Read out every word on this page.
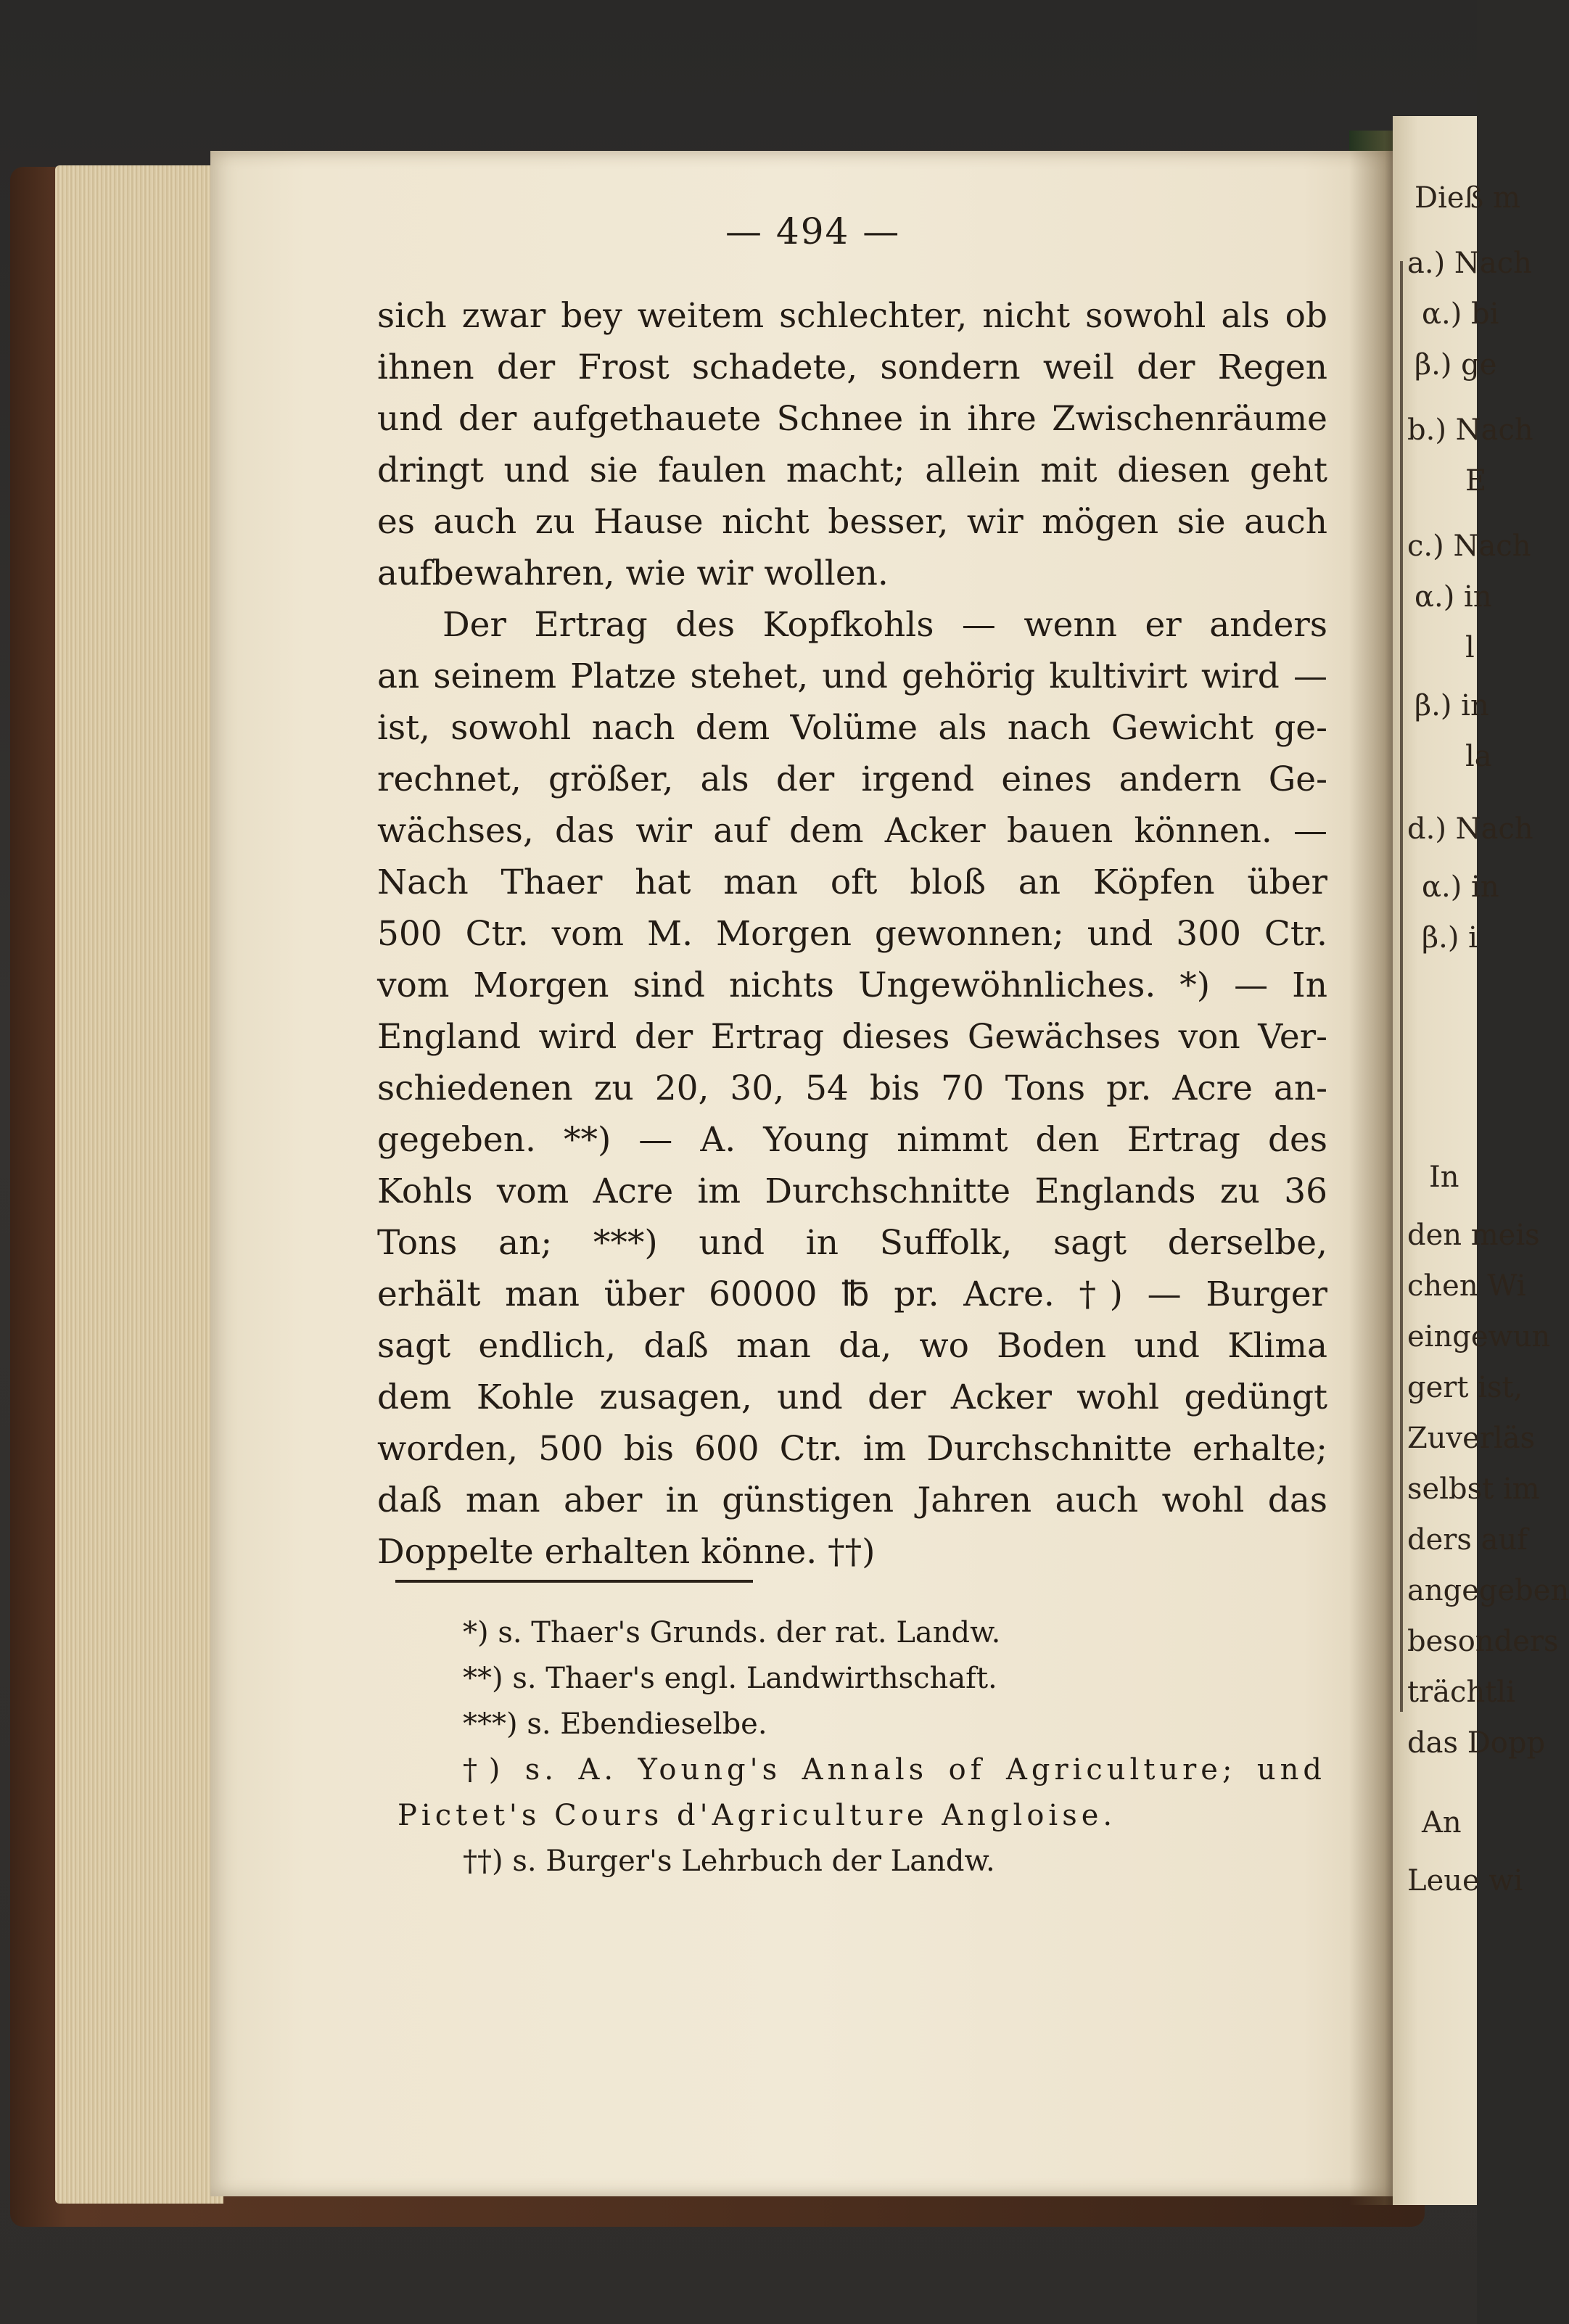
Dieß m
a.) Nach
α.) bi
β.) ge
b.) Nach
E
c.) Nach
α.) in
l
β.) in
la
d.) Nach
α.) in
β.) i
In
den meis
chen Wi
eingewun
gert ist,
Zuverläs
selbst im
ders auf
angegeben
besonders
trächtli
das Dopp
An
Leue wi
— 494 —
sich zwar bey weitem schlechter, nicht sowohl als ob
ihnen der Frost schadete, sondern weil der Regen
und der aufgethauete Schnee in ihre Zwischenräume
dringt und sie faulen macht; allein mit diesen geht
es auch zu Hause nicht besser, wir mögen sie auch
aufbewahren, wie wir wollen.
Der Ertrag des Kopfkohls — wenn er anders
an seinem Platze stehet, und gehörig kultivirt wird —
ist, sowohl nach dem Volüme als nach Gewicht ge-
rechnet, größer, als der irgend eines andern Ge-
wächses, das wir auf dem Acker bauen können. —
Nach Thaer hat man oft bloß an Köpfen über
500 Ctr. vom M. Morgen gewonnen; und 300 Ctr.
vom Morgen sind nichts Ungewöhnliches. *) — In
England wird der Ertrag dieses Gewächses von Ver-
schiedenen zu 20, 30, 54 bis 70 Tons pr. Acre an-
gegeben. **) — A. Young nimmt den Ertrag des
Kohls vom Acre im Durchschnitte Englands zu 36
Tons an; ***) und in Suffolk, sagt derselbe,
erhält man über 60000 ℔ pr. Acre. †) — Burger
sagt endlich, daß man da, wo Boden und Klima
dem Kohle zusagen, und der Acker wohl gedüngt
worden, 500 bis 600 Ctr. im Durchschnitte erhalte;
daß man aber in günstigen Jahren auch wohl das
Doppelte erhalten könne. ††)
*) s. Thaer's Grunds. der rat. Landw.
**) s. Thaer's engl. Landwirthschaft.
***) s. Ebendieselbe.
†) s. A. Young's Annals of Agriculture; und
Pictet's Cours d'Agriculture Angloise.
††) s. Burger's Lehrbuch der Landw.
